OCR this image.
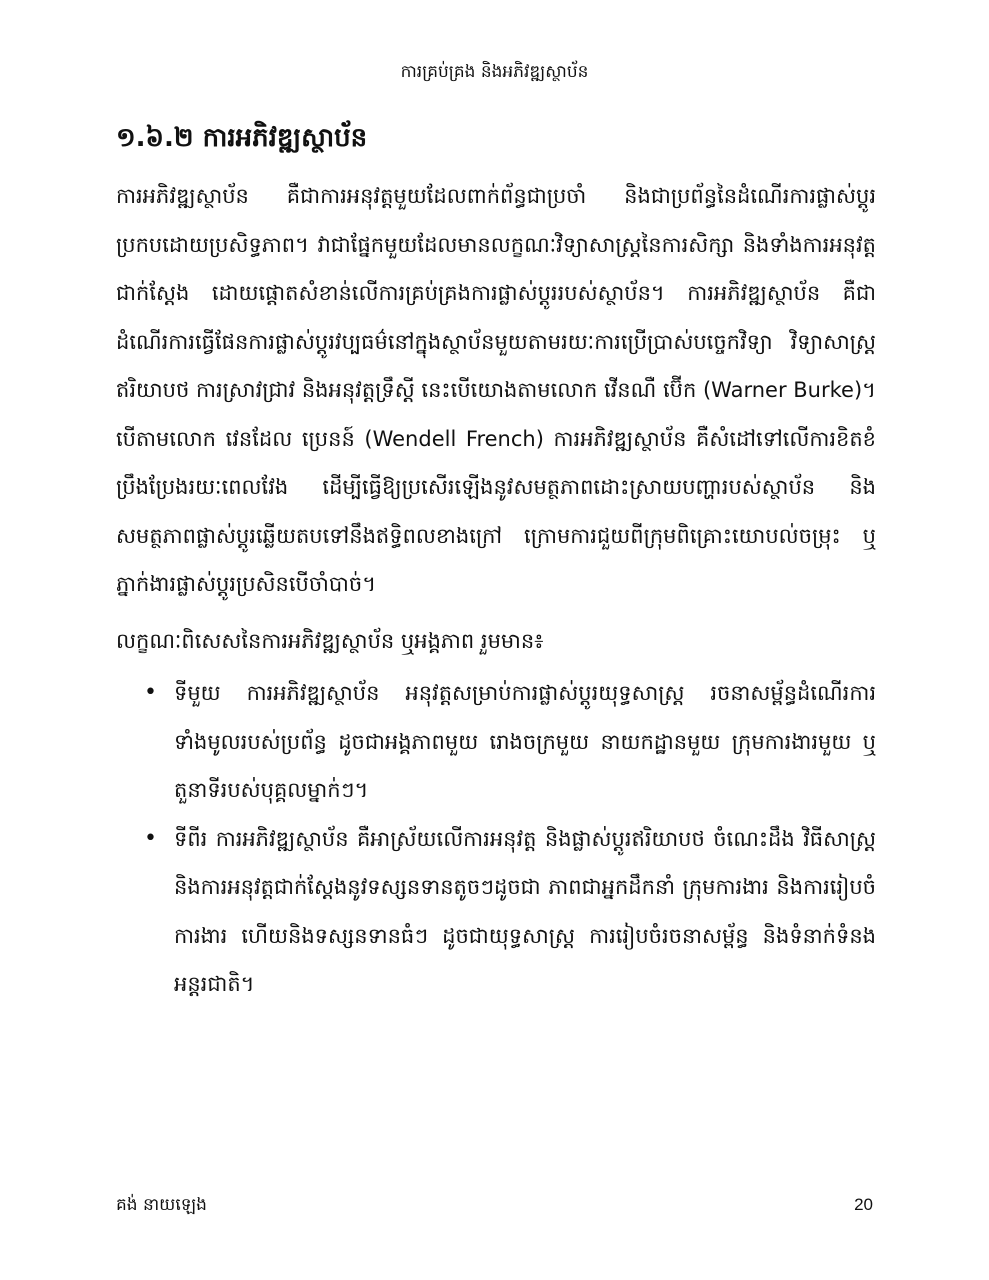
ការគ្រប់គ្រង និងអភិវឌ្ឍស្ថាប័ន
១.៦.២ ការអភិវឌ្ឍស្ថាប័ន

ការអភិវឌ្ឍស្ថាប័ន គឺជាការអនុវត្តមួយដែលពាក់ព័ន្ធជាប្រចាំ និងជាប្រព័ន្ធនៃដំណើរការផ្លាស់ប្តូរប្រកបដោយប្រសិទ្ធភាព។ វាជាផ្នែកមួយដែលមានលក្ខណៈវិទ្យាសាស្ត្រនៃការសិក្សា និងទាំងការអនុវត្តជាក់ស្តែង ដោយផ្តោតសំខាន់លើការគ្រប់គ្រងការផ្លាស់ប្តូររបស់ស្ថាប័ន។ ការអភិវឌ្ឍស្ថាប័ន គឺជាដំណើរការធ្វើផែនការផ្លាស់ប្តូរវប្បធម៌នៅក្នុងស្ថាប័នមួយតាមរយៈការប្រើប្រាស់បច្ចេកវិទ្យា វិទ្យាសាស្ត្រ ឥរិយាបថ ការស្រាវជ្រាវ និងអនុវត្តទ្រឹស្តី នេះបើយោងតាមលោក វើនណឺ ប៊ើក (Warner Burke)។ បើតាមលោក វេនដែល ប្រេនន៍ (Wendell French) ការអភិវឌ្ឍស្ថាប័ន គឺសំដៅទៅលើការខិតខំប្រឹងប្រែងរយៈពេលវែង ដើម្បីធ្វើឱ្យប្រសើរឡើងនូវសមត្ថភាពដោះស្រាយបញ្ហារបស់ស្ថាប័ន និងសមត្ថភាពផ្លាស់ប្តូរឆ្លើយតបទៅនឹងឥទ្ធិពលខាងក្រៅ ក្រោមការជួយពីក្រុមពិគ្រោះយោបល់ចម្រុះ ឬភ្នាក់ងារផ្លាស់ប្តូរប្រសិនបើចាំបាច់។

លក្ខណៈពិសេសនៃការអភិវឌ្ឍស្ថាប័ន ឬអង្គភាព រួមមាន៖

• ទីមួយ ការអភិវឌ្ឍស្ថាប័ន អនុវត្តសម្រាប់ការផ្លាស់ប្តូរយុទ្ធសាស្ត្រ រចនាសម្ព័ន្ធដំណើរការទាំងមូលរបស់ប្រព័ន្ធ ដូចជាអង្គភាពមួយ រោងចក្រមួយ នាយកដ្ឋានមួយ ក្រុមការងារមួយ ឬតួនាទីរបស់បុគ្គលម្នាក់ៗ។
• ទីពីរ ការអភិវឌ្ឍស្ថាប័ន គឺអាស្រ័យលើការអនុវត្ត និងផ្លាស់ប្តូរឥរិយាបថ ចំណេះដឹង វិធីសាស្ត្រ និងការអនុវត្តជាក់ស្តែងនូវទស្សនទានតូចៗដូចជា ភាពជាអ្នកដឹកនាំ ក្រុមការងារ និងការរៀបចំការងារ ហើយនិងទស្សនទានធំៗ ដូចជាយុទ្ធសាស្ត្រ ការរៀបចំរចនាសម្ព័ន្ធ និងទំនាក់ទំនងអន្តរជាតិ។
គង់ នាយឡេង	20
